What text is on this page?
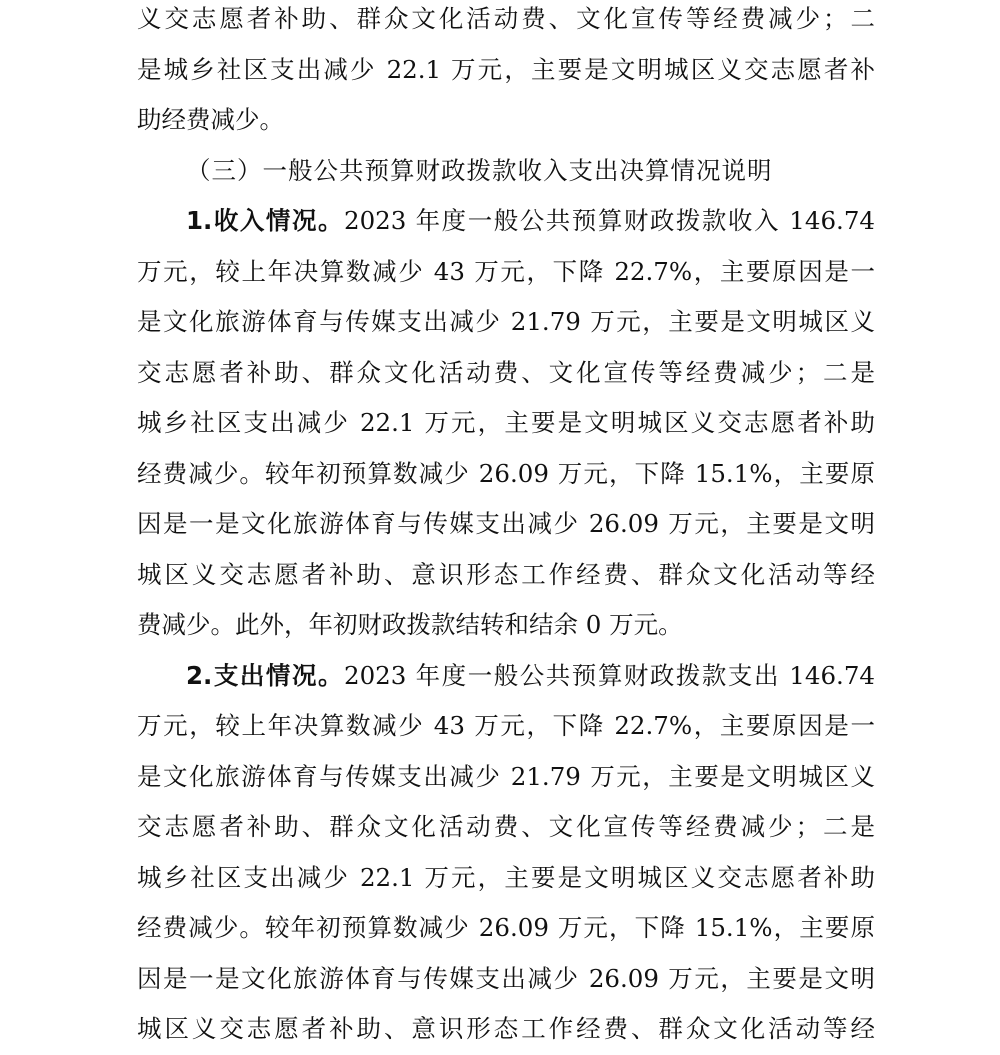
义交志愿者补助、群众文化活动费、文化宣传等经费减少；二
是城乡社区支出减少 22.1 万元，主要是文明城区义交志愿者补
助经费减少。
（三）一般公共预算财政拨款收入支出决算情况说明
1.收入情况。2023 年度一般公共预算财政拨款收入 146.74
万元，较上年决算数减少 43 万元，下降 22.7%，主要原因是一
是文化旅游体育与传媒支出减少 21.79 万元，主要是文明城区义
交志愿者补助、群众文化活动费、文化宣传等经费减少；二是
城乡社区支出减少 22.1 万元，主要是文明城区义交志愿者补助
经费减少。较年初预算数减少 26.09 万元，下降 15.1%，主要原
因是一是文化旅游体育与传媒支出减少 26.09 万元，主要是文明
城区义交志愿者补助、意识形态工作经费、群众文化活动等经
费减少。此外，年初财政拨款结转和结余 0 万元。
2.支出情况。2023 年度一般公共预算财政拨款支出 146.74
万元，较上年决算数减少 43 万元，下降 22.7%，主要原因是一
是文化旅游体育与传媒支出减少 21.79 万元，主要是文明城区义
交志愿者补助、群众文化活动费、文化宣传等经费减少；二是
城乡社区支出减少 22.1 万元，主要是文明城区义交志愿者补助
经费减少。较年初预算数减少 26.09 万元，下降 15.1%，主要原
因是一是文化旅游体育与传媒支出减少 26.09 万元，主要是文明
城区义交志愿者补助、意识形态工作经费、群众文化活动等经
